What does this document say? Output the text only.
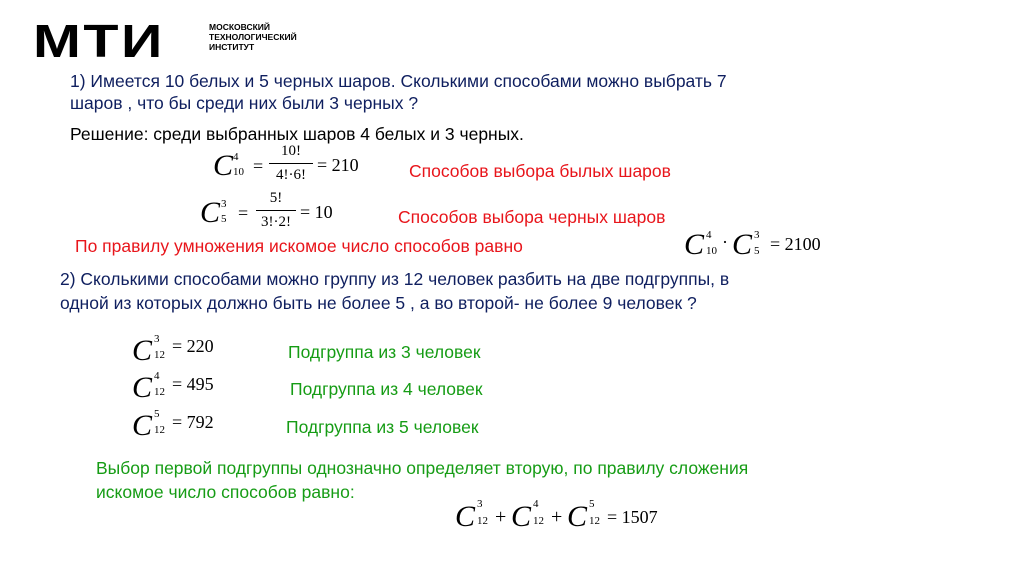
МТИ	МОСКОВСКИЙ
ТЕХНОЛОГИЧЕСКИЙ
ИНСТИТУТ
1) Имеется 10 белых и 5 черных шаров. Сколькими способами можно выбрать 7
шаров , что бы среди них были 3 черных ?
Решение: среди выбранных шаров 4 белых и 3 черных.
C 4
10 =
10!
4!·6! = 210	Способов выбора былых шаров
C 3
5 =
5!
3!·2! = 10	Способов выбора черных шаров
По правилу умножения искомое число способов равно	C 4
10 · C 3
5 = 2100
2) Сколькими способами можно группу из 12 человек разбить на две подгруппы, в
одной из которых должно быть не более 5 , а во второй- не более 9 человек ?
C 3
12 = 220	Подгруппа из 3 человек
C 4
12 = 495	Подгруппа из 4 человек
C 5
12 = 792	Подгруппа из 5 человек
Выбор первой подгруппы однозначно определяет вторую, по правилу сложения
искомое число способов равно:
C 3
12 + C 4
12 + C 5
12 = 1507
